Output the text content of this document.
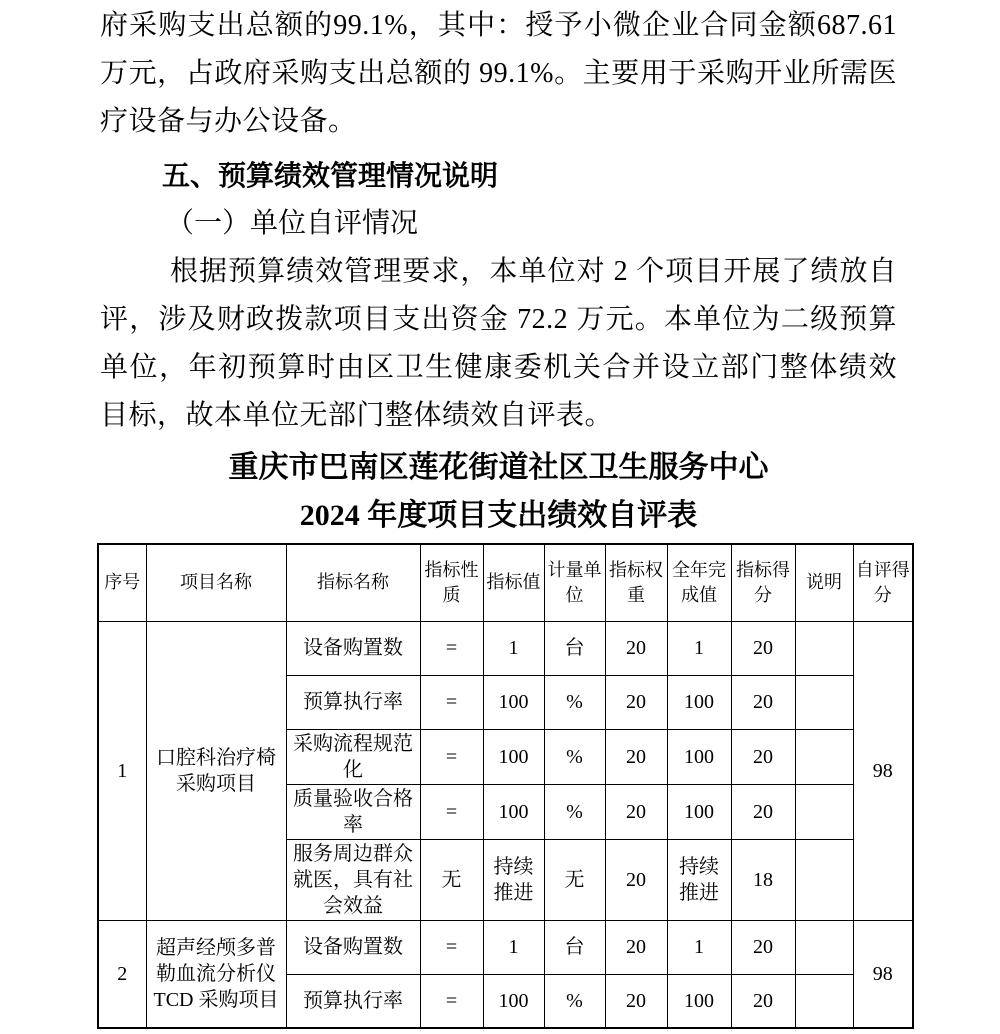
府采购支出总额的99.1%，其中：授予小微企业合同金额687.61万元，占政府采购支出总额的 99.1%。主要用于采购开业所需医疗设备与办公设备。

五、预算绩效管理情况说明
（一）单位自评情况

根据预算绩效管理要求，本单位对 2 个项目开展了绩放自评，涉及财政拨款项目支出资金 72.2 万元。本单位为二级预算单位，年初预算时由区卫生健康委机关合并设立部门整体绩效目标，故本单位无部门整体绩效自评表。

重庆市巴南区莲花街道社区卫生服务中心
2024 年度项目支出绩效自评表
序号	项目名称	指标名称	指标性质	指标值	计量单位	指标权重	全年完成值	指标得分	说明	自评得分
1	口腔科治疗椅采购项目	设备购置数	=	1	台	20	1	20		98
		预算执行率	=	100	%	20	100	20		
		采购流程规范化	=	100	%	20	100	20		
		质量验收合格率	=	100	%	20	100	20		
		服务周边群众就医，具有社会效益	无	持续推进	无	20	持续推进	18		
2	超声经颅多普勒血流分析仪 TCD 采购项目	设备购置数	=	1	台	20	1	20		98
		预算执行率	=	100	%	20	100	20		
